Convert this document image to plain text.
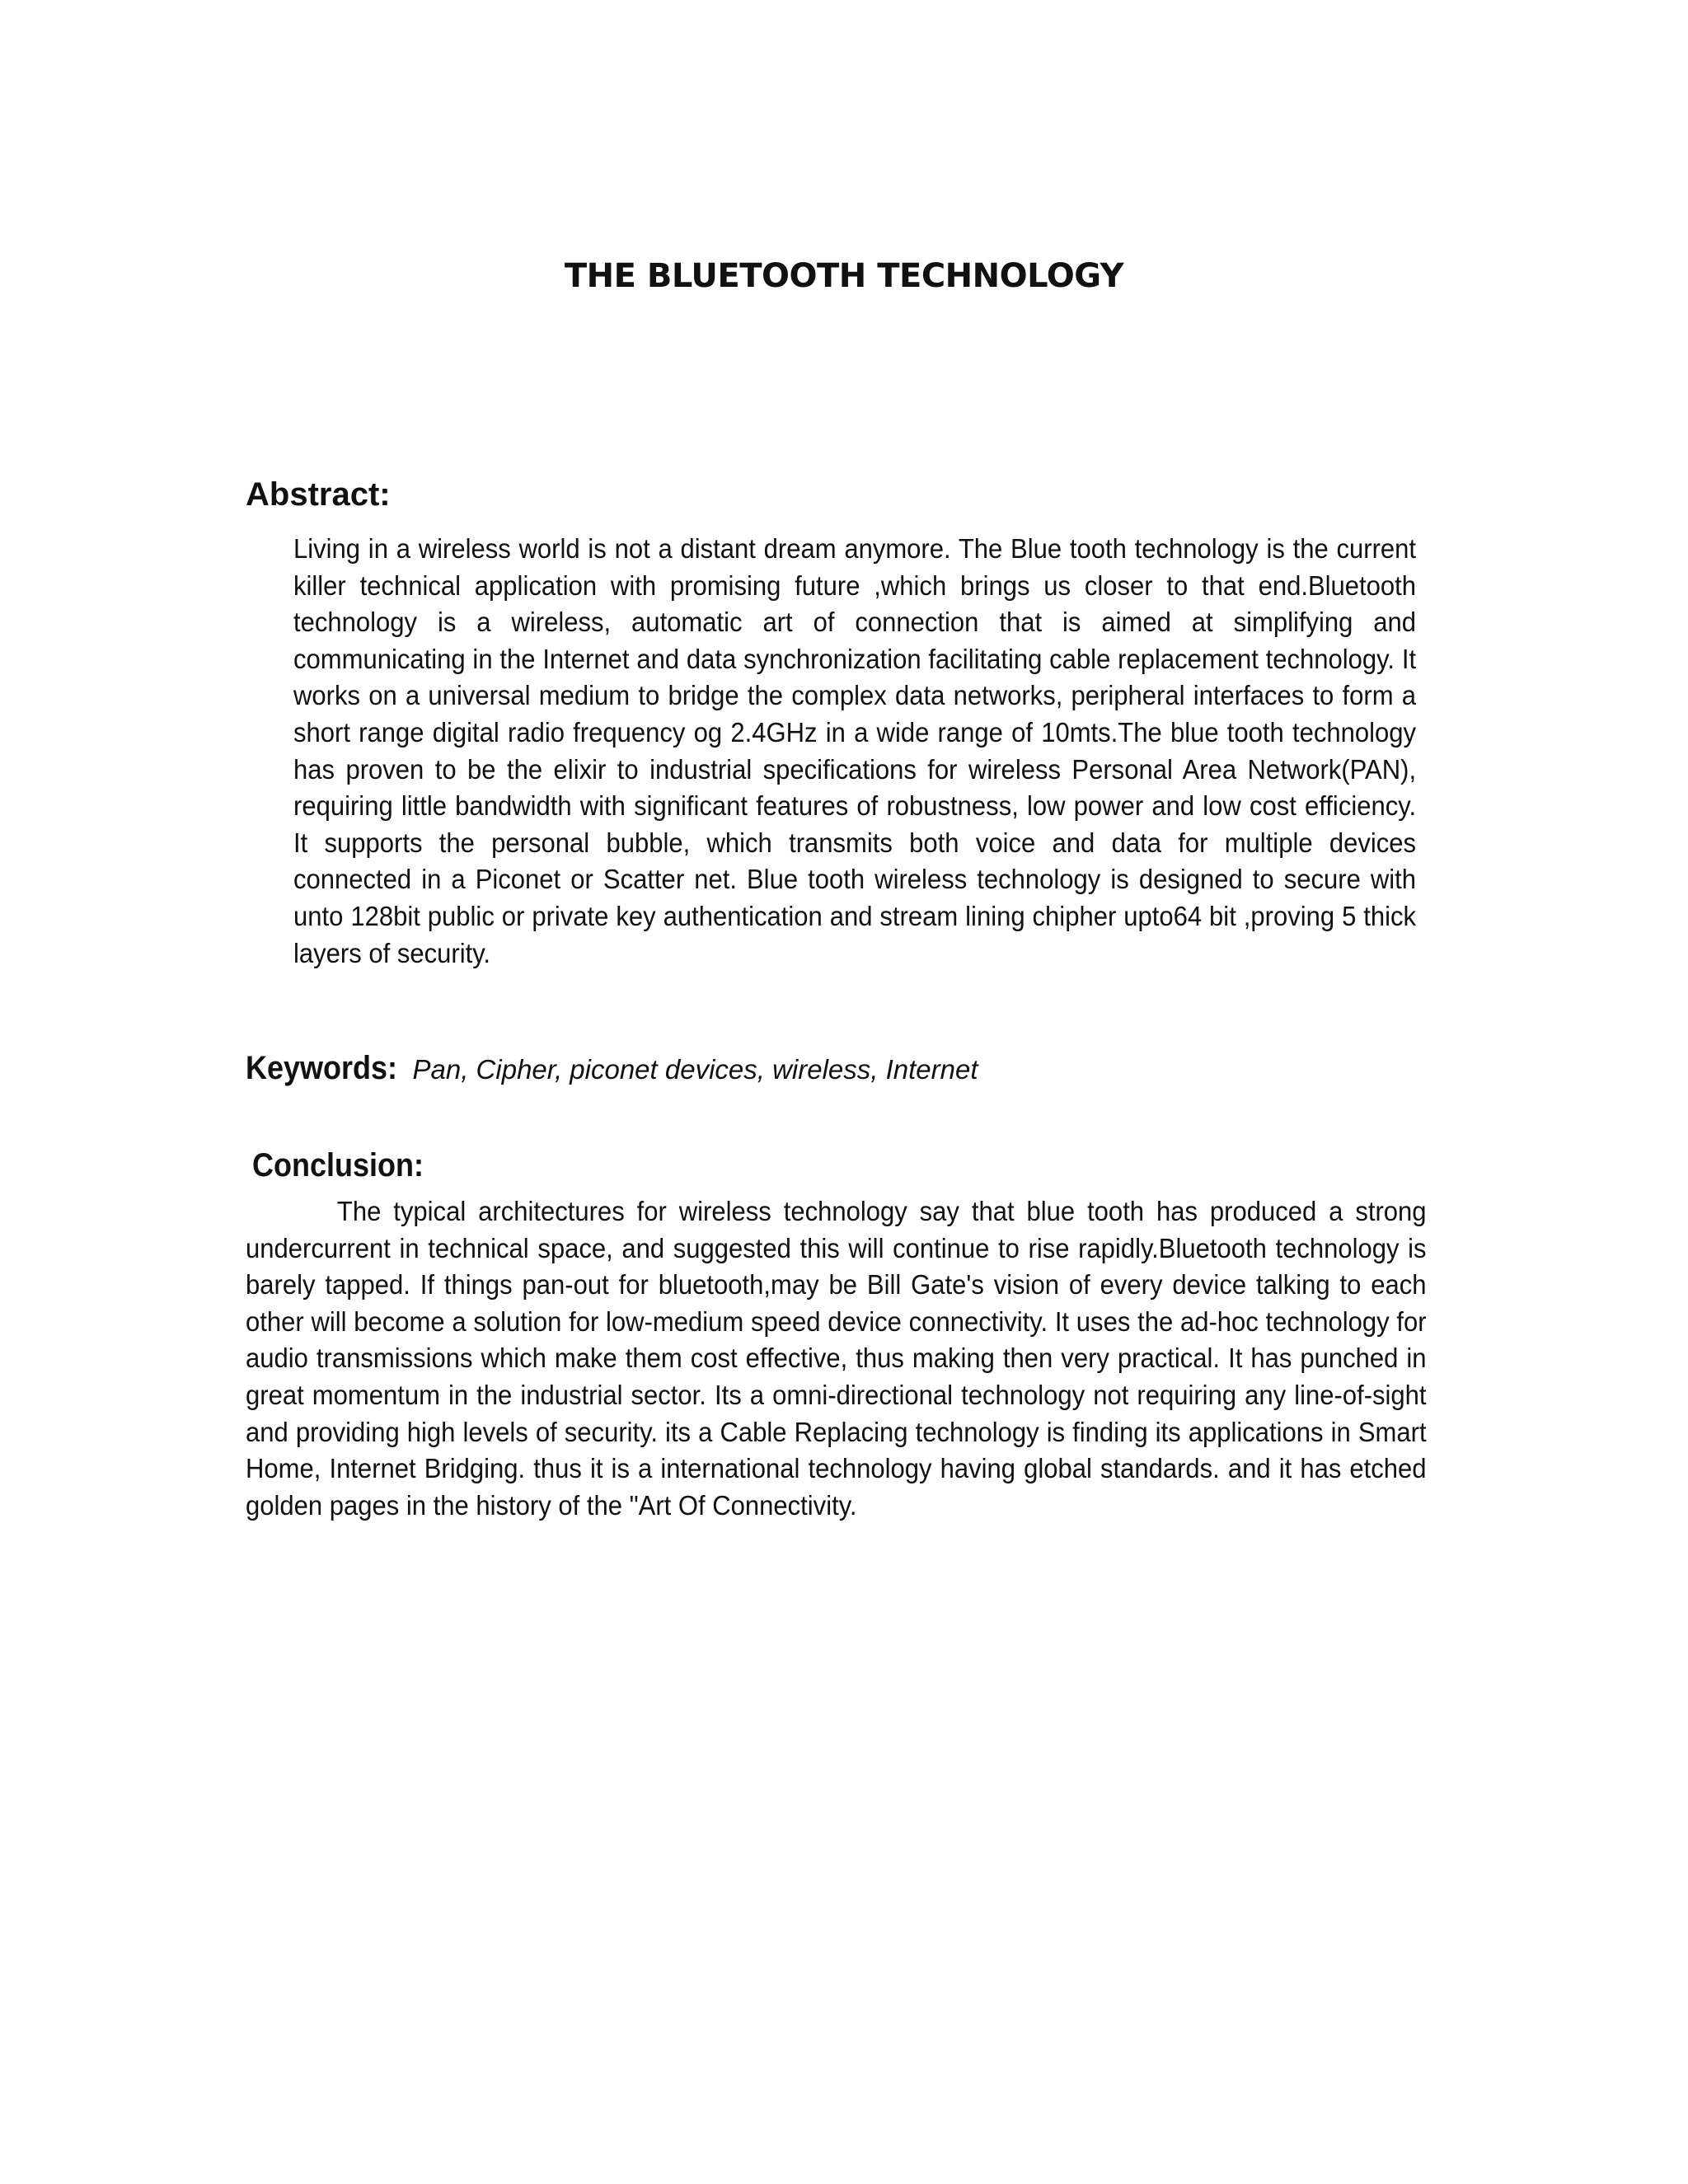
THE BLUETOOTH TECHNOLOGY
Abstract:

Living in a wireless world is not a distant dream anymore. The Blue tooth technology is the current killer technical application with promising future ,which brings us closer to that end.Bluetooth technology is a wireless, automatic art of connection that is aimed at simplifying and communicating in the Internet and data synchronization facilitating cable replacement technology. It works on a universal medium to bridge the complex data networks, peripheral interfaces to form a short range digital radio frequency og 2.4GHz in a wide range of 10mts.The blue tooth technology has proven to be the elixir to industrial specifications for wireless Personal Area Network(PAN), requiring little bandwidth with significant features of robustness, low power and low cost efficiency. It supports the personal bubble, which transmits both voice and data for multiple devices connected in a Piconet or Scatter net. Blue tooth wireless technology is designed to secure with unto 128bit public or private key authentication and stream lining chipher upto64 bit ,proving 5 thick layers of security.

Keywords: Pan, Cipher, piconet devices, wireless, Internet

Conclusion:

The typical architectures for wireless technology say that blue tooth has produced a strong undercurrent in technical space, and suggested this will continue to rise rapidly.Bluetooth technology is barely tapped. If things pan-out for bluetooth,may be Bill Gate's vision of every device talking to each other will become a solution for low-medium speed device connectivity. It uses the ad-hoc technology for audio transmissions which make them cost effective, thus making then very practical. It has punched in great momentum in the industrial sector. Its a omni-directional technology not requiring any line-of-sight and providing high levels of security. its a Cable Replacing technology is finding its applications in Smart Home, Internet Bridging. thus it is a international technology having global standards. and it has etched golden pages in the history of the "Art Of Connectivity.
